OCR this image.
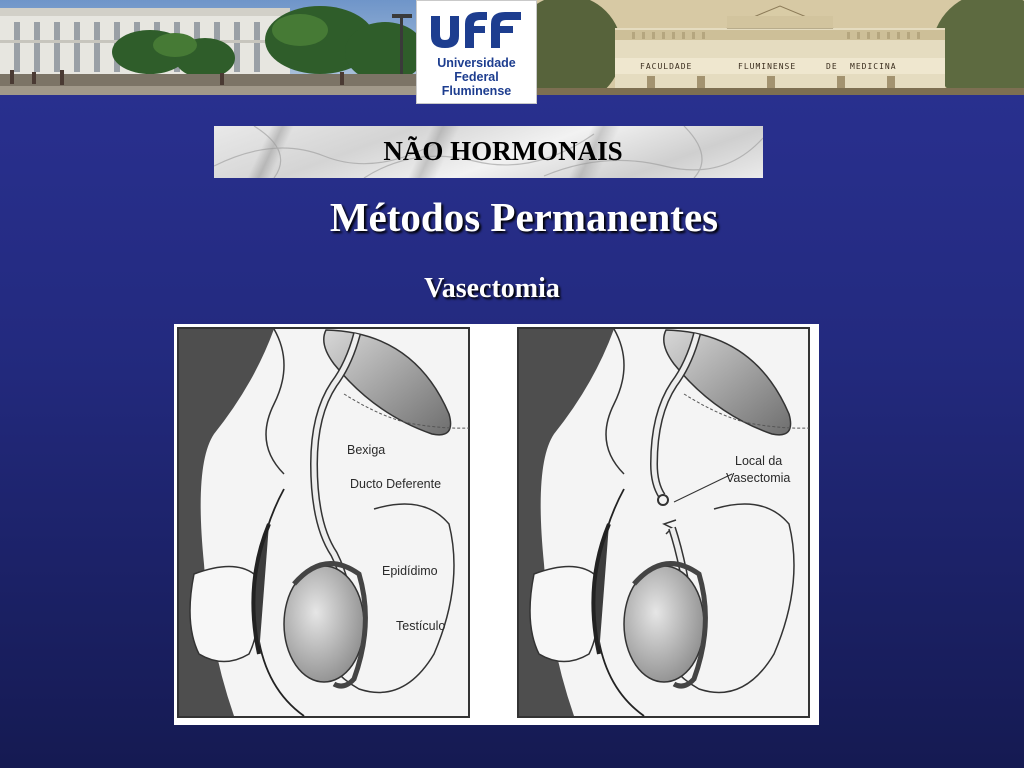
FACULDADE	FLUMINENSE	DE MEDICINA
Universidade
Federal
Fluminense
NÃO HORMONAIS
Métodos Permanentes
Vasectomia
Bexiga
Ducto Deferente
Epidídimo
Testículo
Local da
Vasectomia
